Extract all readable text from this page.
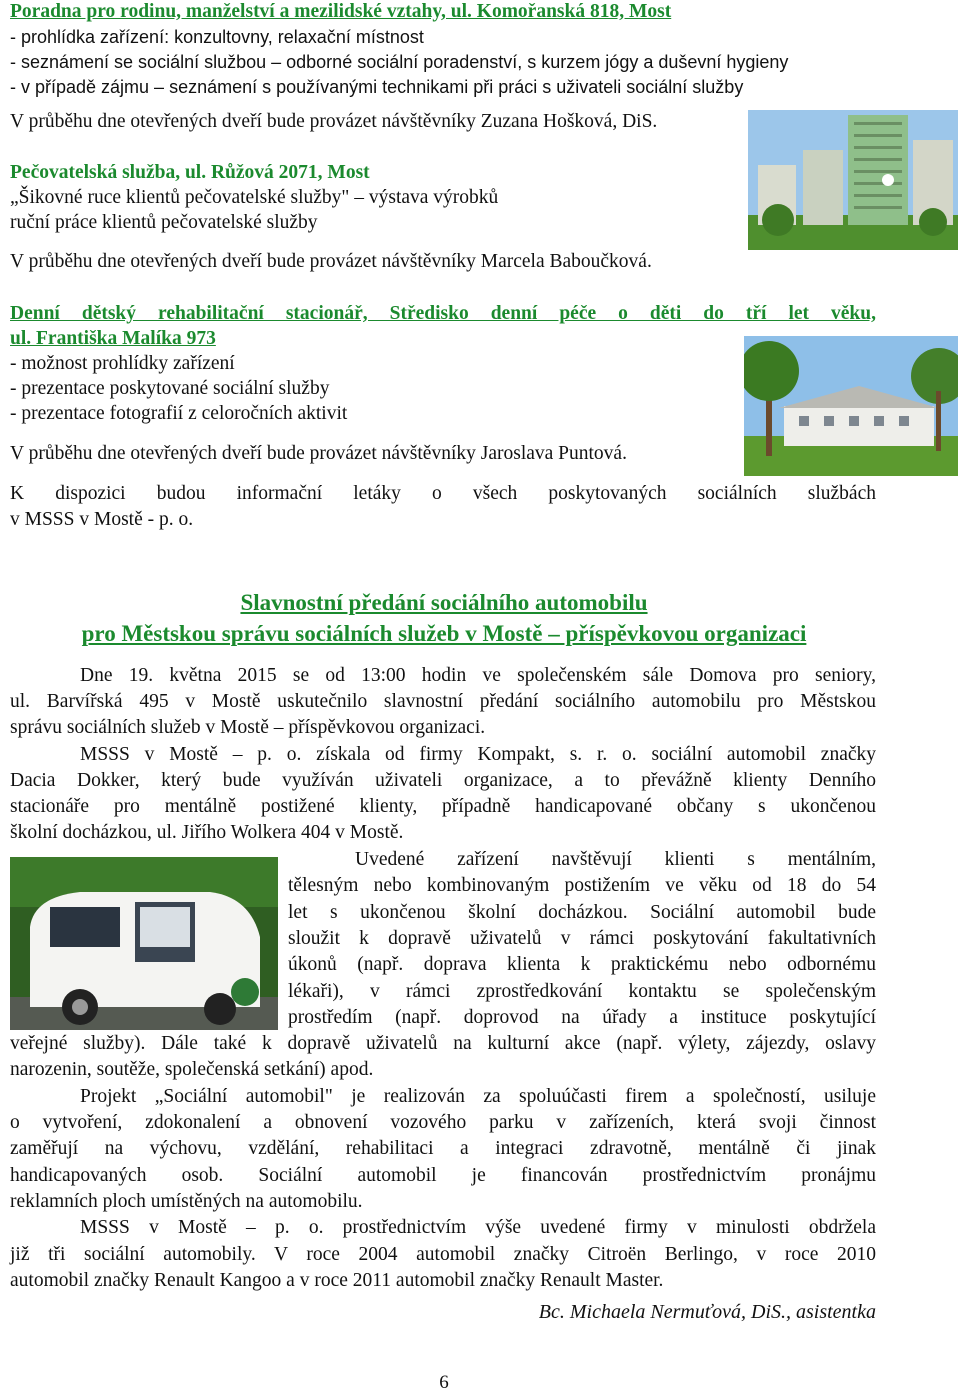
Poradna pro rodinu, manželství a mezilidské vztahy, ul. Komořanská 818, Most
- prohlídka zařízení: konzultovny, relaxační místnost
- seznámení se sociální službou – odborné sociální poradenství, s kurzem jógy a duševní hygieny
- v případě zájmu – seznámení s používanými technikami při práci s uživateli sociální služby
V průběhu dne otevřených dveří bude provázet návštěvníky Zuzana Hošková, DiS.
Pečovatelská služba, ul. Růžová 2071, Most
„Šikovné ruce klientů pečovatelské služby" – výstava výrobků
ruční práce klientů pečovatelské služby
V průběhu dne otevřených dveří bude provázet návštěvníky Marcela Baboučková.
Denní dětský rehabilitační stacionář, Středisko denní péče o děti do tří let věku,
ul. Františka Malíka 973
- možnost prohlídky zařízení
- prezentace poskytované sociální služby
- prezentace fotografií z celoročních aktivit
V průběhu dne otevřených dveří bude provázet návštěvníky Jaroslava Puntová.
K dispozici budou informační letáky o všech poskytovaných sociálních službách
v MSSS v Mostě - p. o.
Slavnostní předání sociálního automobilu
pro Městskou správu sociálních služeb v Mostě – příspěvkovou organizaci
Dne 19. května 2015 se od 13:00 hodin ve společenském sále Domova pro seniory,
ul. Barvířská 495 v Mostě uskutečnilo slavnostní předání sociálního automobilu pro Městskou
správu sociálních služeb v Mostě – příspěvkovou organizaci.
MSSS v Mostě – p. o. získala od firmy Kompakt, s. r. o. sociální automobil značky
Dacia Dokker, který bude využíván uživateli organizace, a to převážně klienty Denního
stacionáře pro mentálně postižené klienty, případně handicapované občany s ukončenou
školní docházkou, ul. Jiřího Wolkera 404 v Mostě.
Uvedené zařízení navštěvují klienti s mentálním,
tělesným nebo kombinovaným postižením ve věku od 18 do 54
let s ukončenou školní docházkou. Sociální automobil bude
sloužit k dopravě uživatelů v rámci poskytování fakultativních
úkonů (např. doprava klienta k praktickému nebo odbornému
lékaři), v rámci zprostředkování kontaktu se společenským
prostředím (např. doprovod na úřady a instituce poskytující
veřejné služby). Dále také k dopravě uživatelů na kulturní akce (např. výlety, zájezdy, oslavy
narozenin, soutěže, společenská setkání) apod.
Projekt „Sociální automobil" je realizován za spoluúčasti firem a společností, usiluje
o vytvoření, zdokonalení a obnovení vozového parku v zařízeních, která svoji činnost
zaměřují na výchovu, vzdělání, rehabilitaci a integraci zdravotně, mentálně či jinak
handicapovaných osob. Sociální automobil je financován prostřednictvím pronájmu
reklamních ploch umístěných na automobilu.
MSSS v Mostě – p. o. prostřednictvím výše uvedené firmy v minulosti obdržela
již tři sociální automobily. V roce 2004 automobil značky Citroën Berlingo, v roce 2010
automobil značky Renault Kangoo a v roce 2011 automobil značky Renault Master.
Bc. Michaela Nermuťová, DiS., asistentka
6
